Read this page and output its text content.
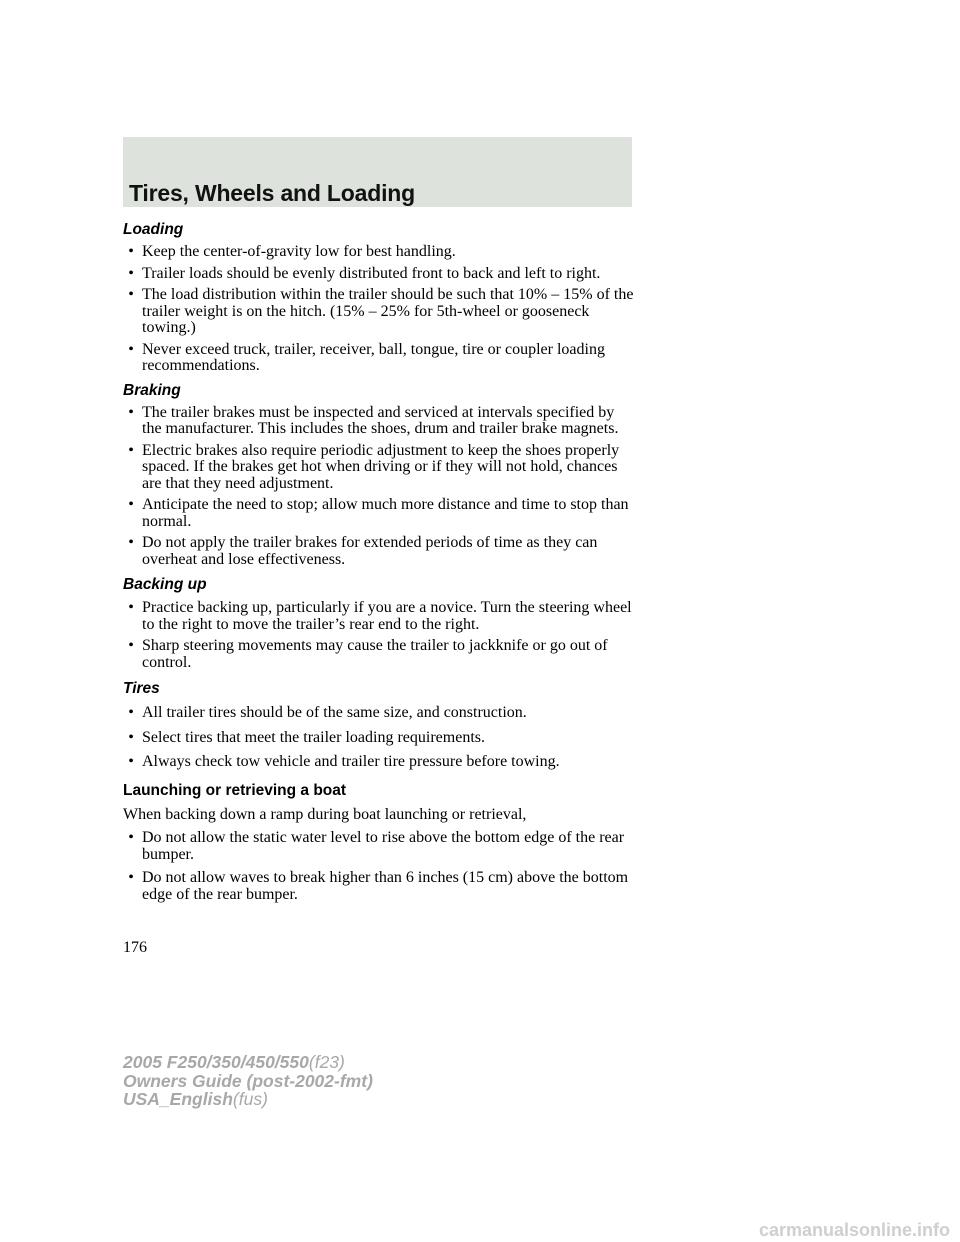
Tires, Wheels and Loading
Loading
• Keep the center-of-gravity low for best handling.
• Trailer loads should be evenly distributed front to back and left to right.
• The load distribution within the trailer should be such that 10% – 15% of the trailer weight is on the hitch. (15% – 25% for 5th-wheel or gooseneck towing.)
• Never exceed truck, trailer, receiver, ball, tongue, tire or coupler loading recommendations.
Braking
• The trailer brakes must be inspected and serviced at intervals specified by the manufacturer. This includes the shoes, drum and trailer brake magnets.
• Electric brakes also require periodic adjustment to keep the shoes properly spaced. If the brakes get hot when driving or if they will not hold, chances are that they need adjustment.
• Anticipate the need to stop; allow much more distance and time to stop than normal.
• Do not apply the trailer brakes for extended periods of time as they can overheat and lose effectiveness.
Backing up
• Practice backing up, particularly if you are a novice. Turn the steering wheel to the right to move the trailer’s rear end to the right.
• Sharp steering movements may cause the trailer to jackknife or go out of control.
Tires
• All trailer tires should be of the same size, and construction.
• Select tires that meet the trailer loading requirements.
• Always check tow vehicle and trailer tire pressure before towing.
Launching or retrieving a boat

When backing down a ramp during boat launching or retrieval,

• Do not allow the static water level to rise above the bottom edge of the rear bumper.
• Do not allow waves to break higher than 6 inches (15 cm) above the bottom edge of the rear bumper.

176

2005 F250/350/450/550(f23)
Owners Guide (post-2002-fmt)
USA_English(fus)
carmanualsonline.info
